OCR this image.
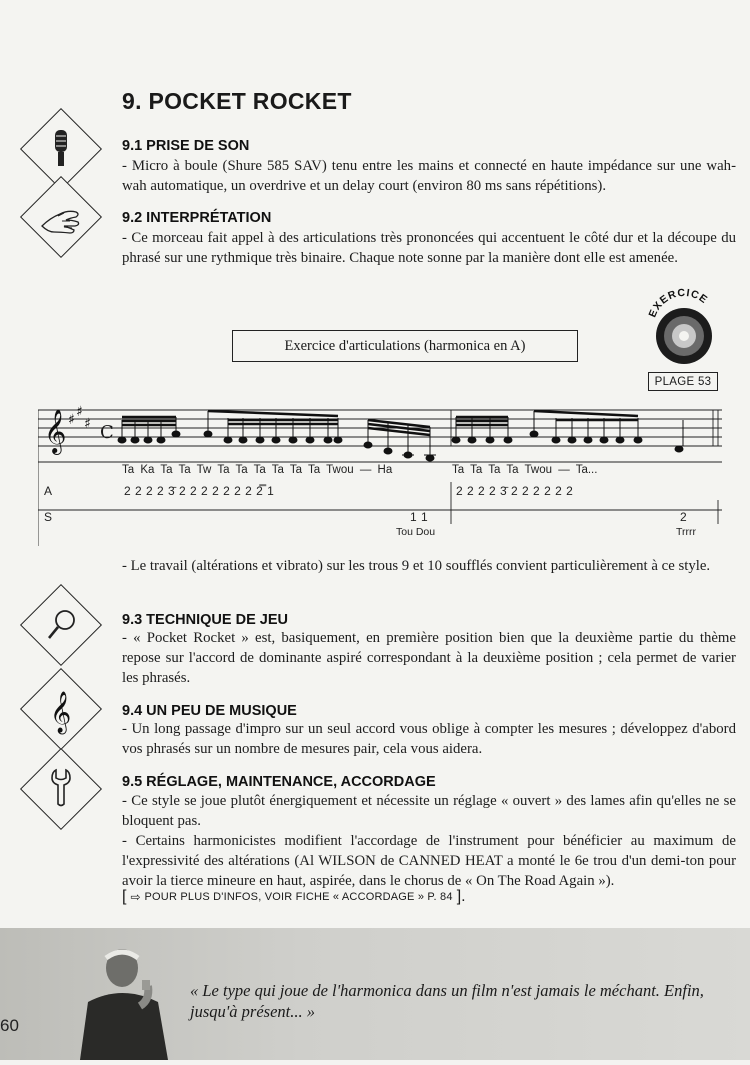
9. POCKET ROCKET
9.1 PRISE DE SON
- Micro à boule (Shure 585 SAV) tenu entre les mains et connecté en haute impédance sur une wah-wah automatique, un overdrive et un delay court (environ 80 ms sans répétitions).
9.2 INTERPRÉTATION
- Ce morceau fait appel à des articulations très prononcées qui accentuent le côté dur et la découpe du phrasé sur une rythmique très binaire. Chaque note sonne par la manière dont elle est amenée.
EXERCICE
PLAGE 53
Exercice d'articulations (harmonica en A)
𝄞 ♯ ♯
♯ C
Ta Ka Ta Ta Tw Ta Ta Ta Ta Ta Ta Twou — Ha	Ta Ta Ta Ta Twou — Ta...
A
S
2 2 2 2 3̄ 2 2 2 2 2 2 2 2̿ 1	2 2 2 2 3̄ 2 2 2 2 2 2
1 1	2
Tou Dou	Trrrr
- Le travail (altérations et vibrato) sur les trous 9 et 10 soufflés convient particulièrement à ce style.
9.3 TECHNIQUE DE JEU
- « Pocket Rocket » est, basiquement, en première position bien que la deuxième partie du thème repose sur l'accord de dominante aspiré correspondant à la deuxième position ; cela permet de varier les phrasés.
𝄞	9.4 UN PEU DE MUSIQUE
- Un long passage d'impro sur un seul accord vous oblige à compter les mesures ; développez d'abord vos phrasés sur un nombre de mesures pair, cela vous aidera.
9.5 RÉGLAGE, MAINTENANCE, ACCORDAGE
- Ce style se joue plutôt énergiquement et nécessite un réglage « ouvert » des lames afin qu'elles ne se bloquent pas.
- Certains harmonicistes modifient l'accordage de l'instrument pour bénéficier au maximum de l'expressivité des altérations (Al WILSON de CANNED HEAT a monté le 6e trou d'un demi-ton pour avoir la tierce mineure en haut, aspirée, dans le chorus de « On The Road Again »).
[ ⇨ POUR PLUS D'INFOS, VOIR FICHE « ACCORDAGE » P. 84 ].
« Le type qui joue de l'harmonica dans un film n'est jamais le méchant. Enfin, jusqu'à présent... »
60
